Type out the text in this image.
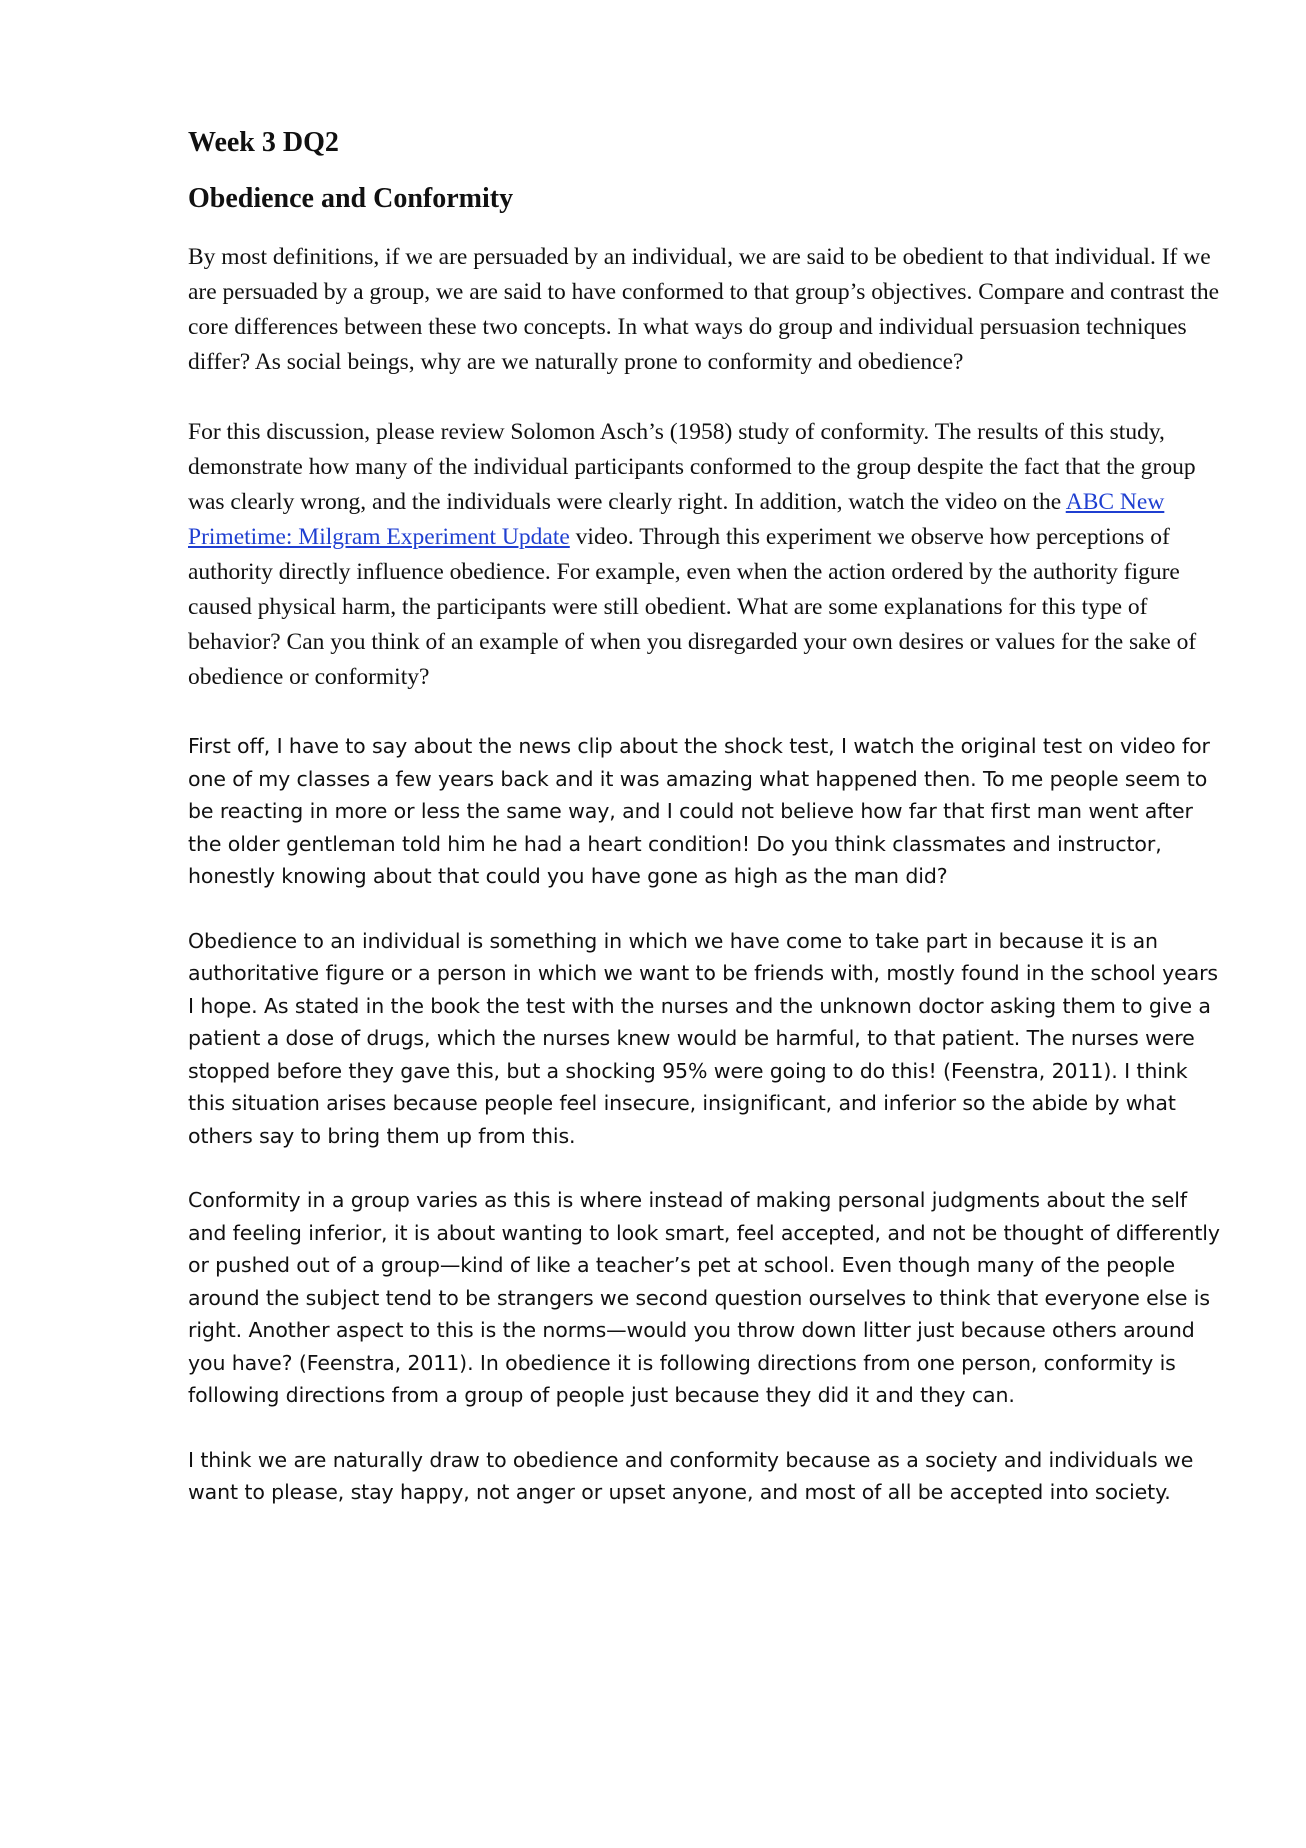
Week 3 DQ2
Obedience and Conformity

By most definitions, if we are persuaded by an individual, we are said to be obedient to that individual. If we are persuaded by a group, we are said to have conformed to that group’s objectives. Compare and contrast the core differences between these two concepts. In what ways do group and individual persuasion techniques differ? As social beings, why are we naturally prone to conformity and obedience?

For this discussion, please review Solomon Asch’s (1958) study of conformity. The results of this study, demonstrate how many of the individual participants conformed to the group despite the fact that the group was clearly wrong, and the individuals were clearly right. In addition, watch the video on the ABC New Primetime: Milgram Experiment Update video. Through this experiment we observe how perceptions of authority directly influence obedience. For example, even when the action ordered by the authority figure caused physical harm, the participants were still obedient. What are some explanations for this type of behavior? Can you think of an example of when you disregarded your own desires or values for the sake of obedience or conformity?

First off, I have to say about the news clip about the shock test, I watch the original test on video for one of my classes a few years back and it was amazing what happened then. To me people seem to be reacting in more or less the same way, and I could not believe how far that first man went after the older gentleman told him he had a heart condition! Do you think classmates and instructor, honestly knowing about that could you have gone as high as the man did?

Obedience to an individual is something in which we have come to take part in because it is an authoritative figure or a person in which we want to be friends with, mostly found in the school years I hope. As stated in the book the test with the nurses and the unknown doctor asking them to give a patient a dose of drugs, which the nurses knew would be harmful, to that patient. The nurses were stopped before they gave this, but a shocking 95% were going to do this! (Feenstra, 2011). I think this situation arises because people feel insecure, insignificant, and inferior so the abide by what others say to bring them up from this.

Conformity in a group varies as this is where instead of making personal judgments about the self and feeling inferior, it is about wanting to look smart, feel accepted, and not be thought of differently or pushed out of a group—kind of like a teacher’s pet at school. Even though many of the people around the subject tend to be strangers we second question ourselves to think that everyone else is right. Another aspect to this is the norms—would you throw down litter just because others around you have? (Feenstra, 2011). In obedience it is following directions from one person, conformity is following directions from a group of people just because they did it and they can.

I think we are naturally draw to obedience and conformity because as a society and individuals we want to please, stay happy, not anger or upset anyone, and most of all be accepted into society.
